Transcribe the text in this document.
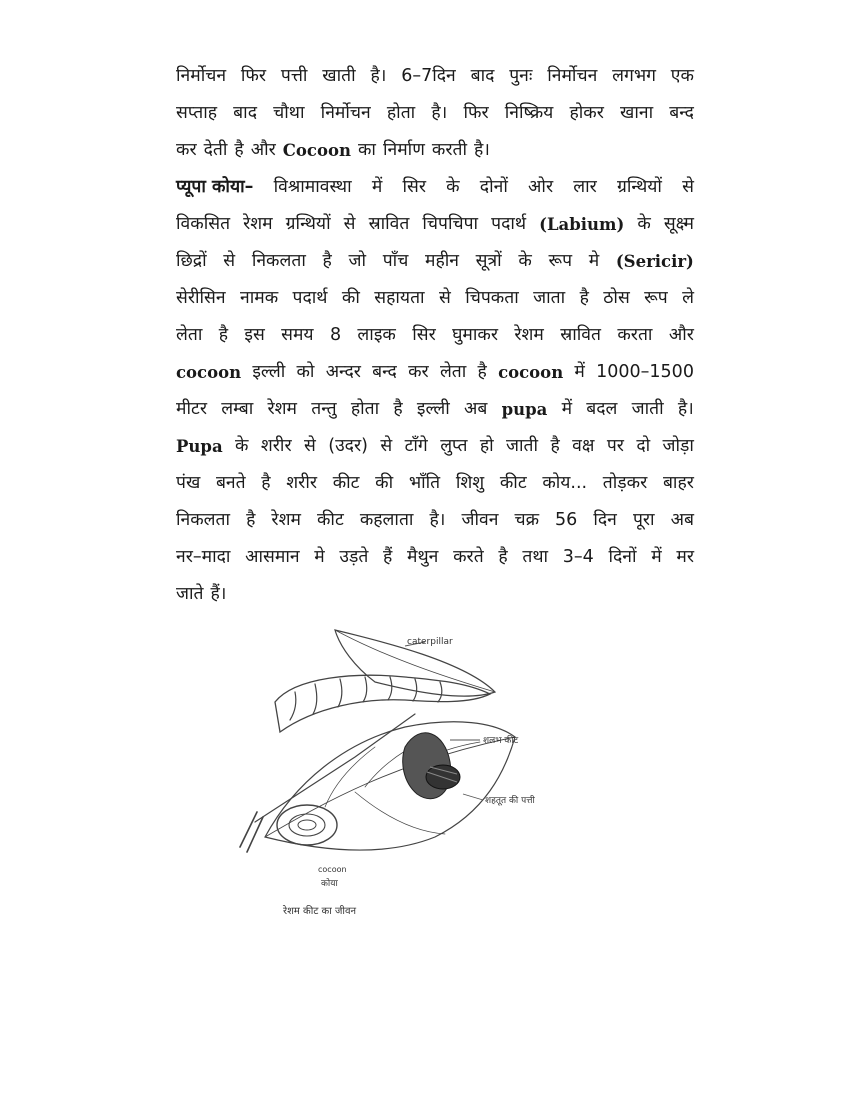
निर्मोचन फिर पत्ती खाती है। 6–7दिन बाद पुनः निर्मोचन लगभग एक
सप्ताह बाद चौथा निर्मोचन होता है। फिर निष्क्रिय होकर खाना बन्द
कर देती है और Cocoon का निर्माण करती है।
प्यूपा कोया– विश्रामावस्था में सिर के दोनों ओर लार ग्रन्थियों से
विकसित रेशम ग्रन्थियों से स्रावित चिपचिपा पदार्थ (Labium) के सूक्ष्म
छिद्रों से निकलता है जो पाँच महीन सूत्रों के रूप मे (Sericir)
सेरीसिन नामक पदार्थ की सहायता से चिपकता जाता है ठोस रूप ले
लेता है इस समय 8 लाइक सिर घुमाकर रेशम स्रावित करता और
cocoon इल्ली को अन्दर बन्द कर लेता है cocoon में 1000–1500
मीटर लम्बा रेशम तन्तु होता है इल्ली अब pupa में बदल जाती है।
Pupa के शरीर से (उदर) से टाँगे लुप्त हो जाती है वक्ष पर दो जोड़ा
पंख बनते है शरीर कीट की भाँति शिशु कीट कोय... तोड़कर बाहर
निकलता है रेशम कीट कहलाता है। जीवन चक्र 56 दिन पूरा अब
नर–मादा आसमान मे उड़ते हैं मैथुन करते है तथा 3–4 दिनों में मर
जाते हैं।
caterpillar
शलभ कीट
शहतूत की पत्ती
cocoon
कोया
रेशम कीट का जीवन
